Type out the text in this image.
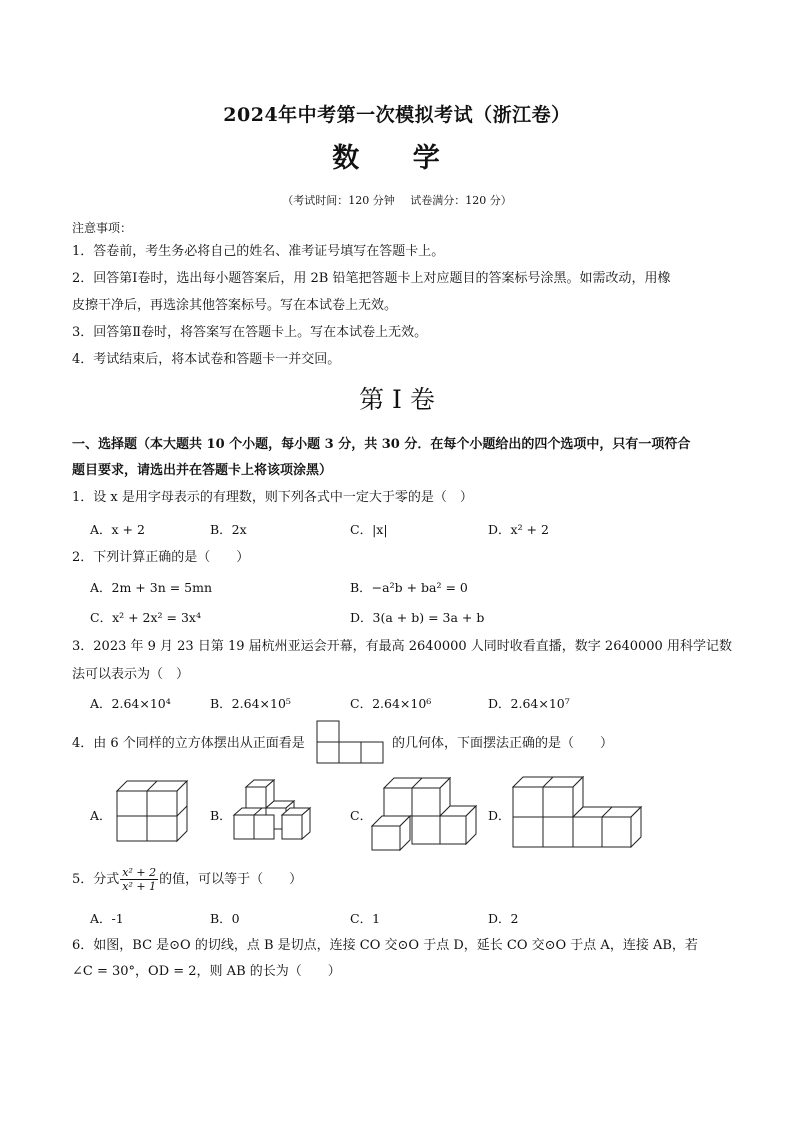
2024年中考第一次模拟考试（浙江卷）
数 学
（考试时间：120 分钟 试卷满分：120 分）
注意事项：
1．答卷前，考生务必将自己的姓名、准考证号填写在答题卡上。
2．回答第Ⅰ卷时，选出每小题答案后，用 2B 铅笔把答题卡上对应题目的答案标号涂黑。如需改动，用橡
皮擦干净后，再选涂其他答案标号。写在本试卷上无效。
3．回答第Ⅱ卷时，将答案写在答题卡上。写在本试卷上无效。
4．考试结束后，将本试卷和答题卡一并交回。
第 I 卷
一、选择题（本大题共 10 个小题，每小题 3 分，共 30 分．在每个小题给出的四个选项中，只有一项符合
题目要求，请选出并在答题卡上将该项涂黑）
1．设 x 是用字母表示的有理数，则下列各式中一定大于零的是（　）
A．x + 2	B．2x	C．|x|	D．x² + 2
2．下列计算正确的是（　　）
A．2m + 3n = 5mn	B．−a²b + ba² = 0
C．x² + 2x² = 3x⁴	D．3(a + b) = 3a + b
3．2023 年 9 月 23 日第 19 届杭州亚运会开幕，有最高 2640000 人同时收看直播，数字 2640000 用科学记数
法可以表示为（　）
A．2.64×10⁴	B．2.64×10⁵	C．2.64×10⁶	D．2.64×10⁷
4．由 6 个同样的立方体摆出从正面看是	的几何体，下面摆法正确的是（　　）
A．	B．	C．	D．
5．分式 $\frac{\text{x² + 2}}{\text{x² + 1}}$ 的值，可以等于（　　）
A．-1	B．0	C．1	D．2
6．如图，BC 是⊙O 的切线，点 B 是切点，连接 CO 交⊙O 于点 D，延长 CO 交⊙O 于点 A，连接 AB，若
∠C = 30°，OD = 2，则 AB 的长为（　　）
